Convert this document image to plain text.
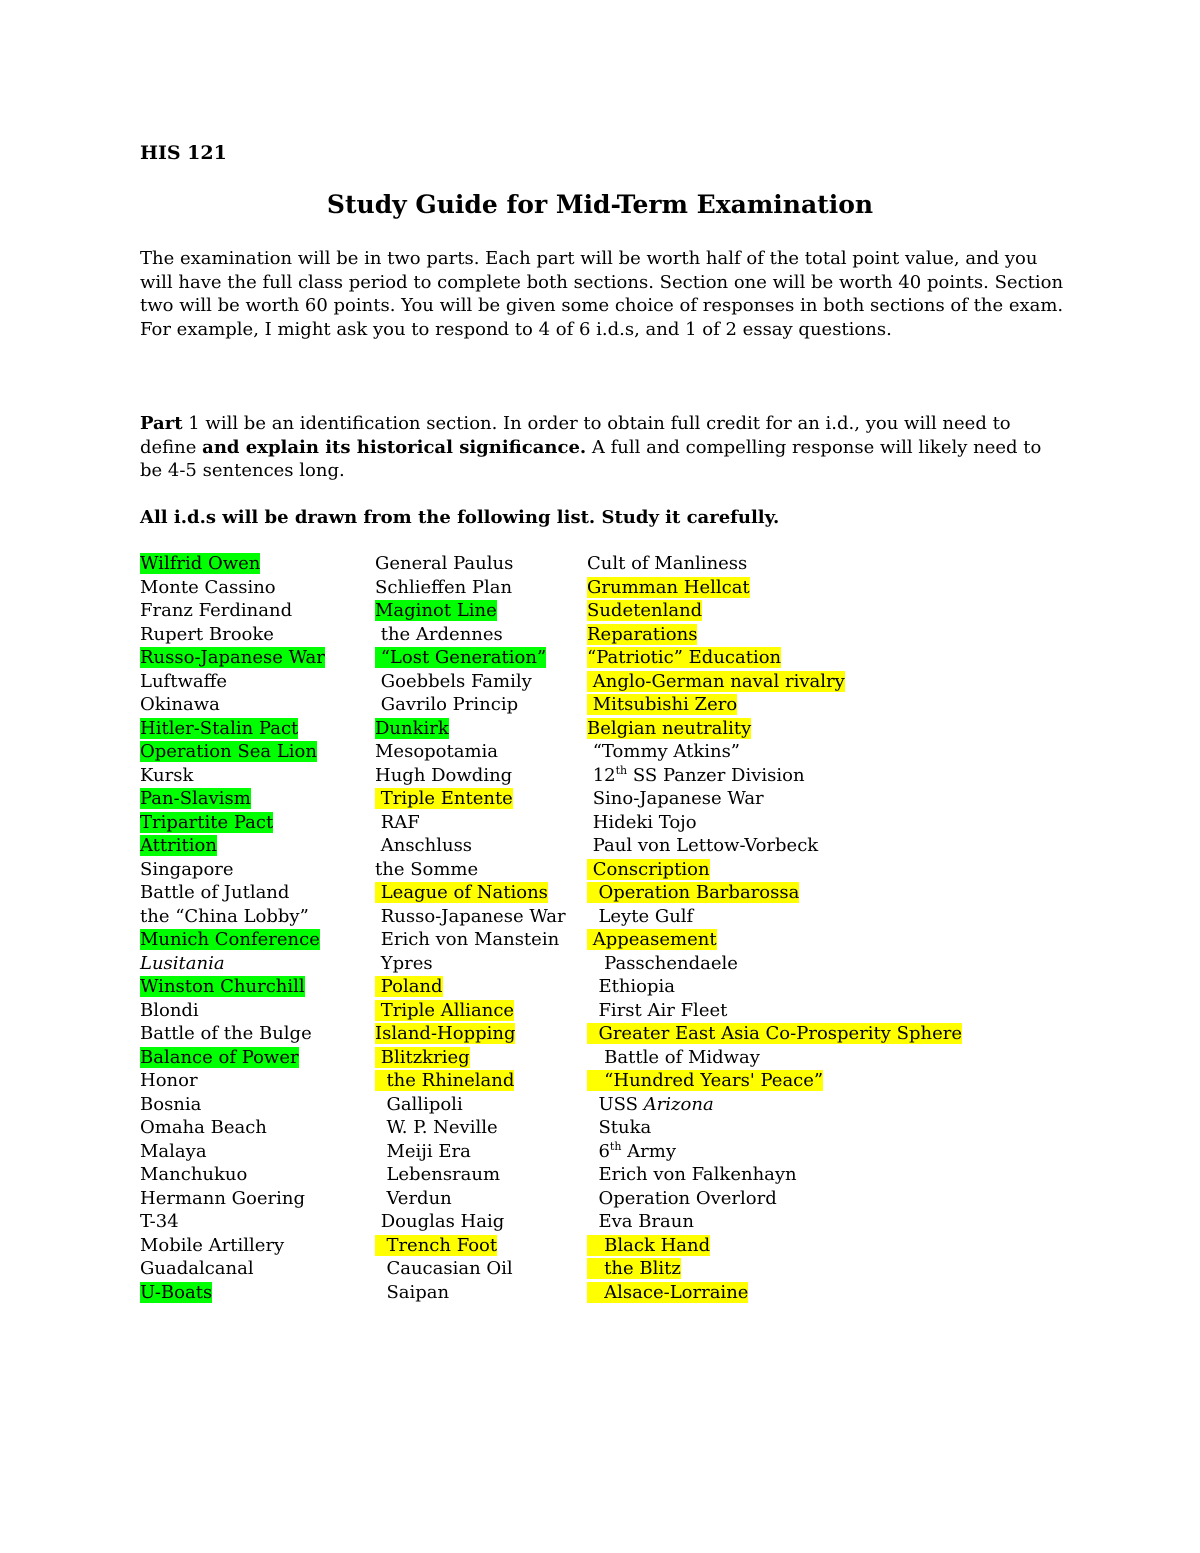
HIS 121
Study Guide for Mid-Term Examination

The examination will be in two parts. Each part will be worth half of the total point value, and you will have the full class period to complete both sections. Section one will be worth 40 points. Section two will be worth 60 points. You will be given some choice of responses in both sections of the exam. For example, I might ask you to respond to 4 of 6 i.d.s, and 1 of 2 essay questions.

Part 1 will be an identification section. In order to obtain full credit for an i.d., you will need to define and explain its historical significance. A full and compelling response will likely need to be 4-5 sentences long.

All i.d.s will be drawn from the following list. Study it carefully.

Wilfrid Owen
Monte Cassino
Franz Ferdinand
Rupert Brooke
Russo-Japanese War
Luftwaffe
Okinawa
Hitler-Stalin Pact
Operation Sea Lion
Kursk
Pan-Slavism
Tripartite Pact
Attrition
Singapore
Battle of Jutland
the “China Lobby”
Munich Conference
Lusitania
Winston Churchill
Blondi
Battle of the Bulge
Balance of Power
Honor
Bosnia
Omaha Beach
Malaya
Manchukuo
Hermann Goering
T-34
Mobile Artillery
Guadalcanal
U-Boats
General Paulus
Schlieffen Plan
Maginot Line
the Ardennes
“Lost Generation”
Goebbels Family
Gavrilo Princip
Dunkirk
Mesopotamia
Hugh Dowding
Triple Entente
RAF
Anschluss
the Somme
League of Nations
Russo-Japanese War
Erich von Manstein
Ypres
Poland
Triple Alliance
Island-Hopping
Blitzkrieg
the Rhineland
Gallipoli
W. P. Neville
Meiji Era
Lebensraum
Verdun
Douglas Haig
Trench Foot
Caucasian Oil
Saipan
Cult of Manliness
Grumman Hellcat
Sudetenland
Reparations
“Patriotic” Education
Anglo-German naval rivalry
Mitsubishi Zero
Belgian neutrality
“Tommy Atkins”
12th SS Panzer Division
Sino-Japanese War
Hideki Tojo
Paul von Lettow-Vorbeck
Conscription
Operation Barbarossa
Leyte Gulf
Appeasement
Passchendaele
Ethiopia
First Air Fleet
Greater East Asia Co-Prosperity Sphere
Battle of Midway
“Hundred Years' Peace”
USS Arizona
Stuka
6th Army
Erich von Falkenhayn
Operation Overlord
Eva Braun
Black Hand
the Blitz
Alsace-Lorraine
